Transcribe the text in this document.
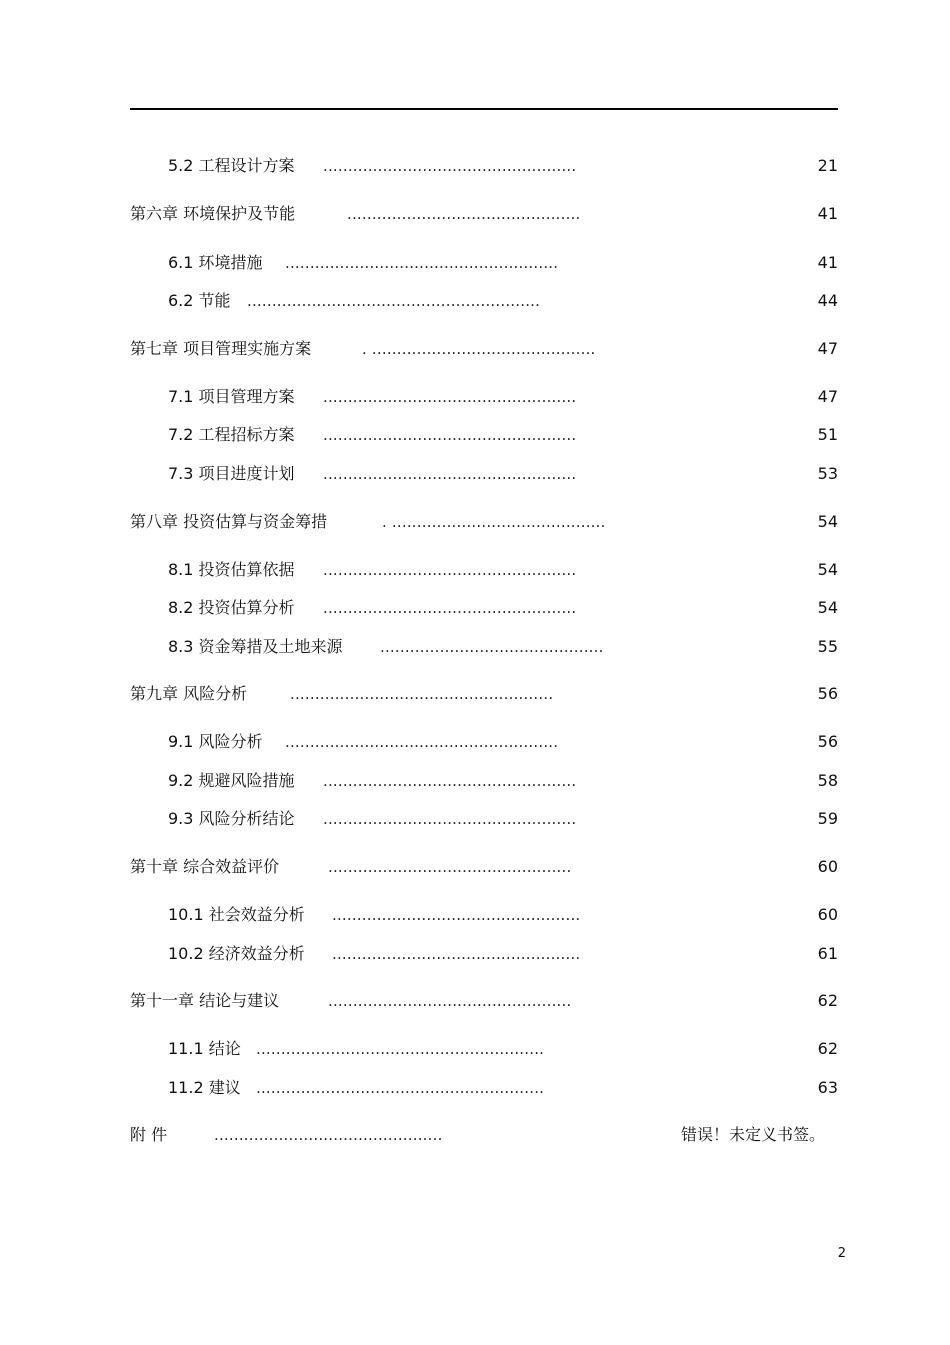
5.2 工程设计方案 ...................................................	21
第六章 环境保护及节能	...............................................	41
6.1 环境措施 .......................................................	41
6.2 节能 ...........................................................	44
第七章 项目管理实施方案	. .............................................	47
7.1 项目管理方案 ...................................................	47
7.2 工程招标方案 ...................................................	51
7.3 项目进度计划 ...................................................	53
第八章 投资估算与资金筹措	. ...........................................	54
8.1 投资估算依据 ...................................................	54
8.2 投资估算分析 ...................................................	54
8.3 资金筹措及土地来源 .............................................	55
第九章 风险分析	.....................................................	56
9.1 风险分析 .......................................................	56
9.2 规避风险措施 ...................................................	58
9.3 风险分析结论 ...................................................	59
第十章 综合效益评价	.................................................	60
10.1 社会效益分析 ..................................................	60
10.2 经济效益分析 ..................................................	61
第十一章 结论与建议	.................................................	62
11.1 结论 ..........................................................	62
11.2 建议 ..........................................................	63
附 件	..............................................	错误！未定义书签。
2
